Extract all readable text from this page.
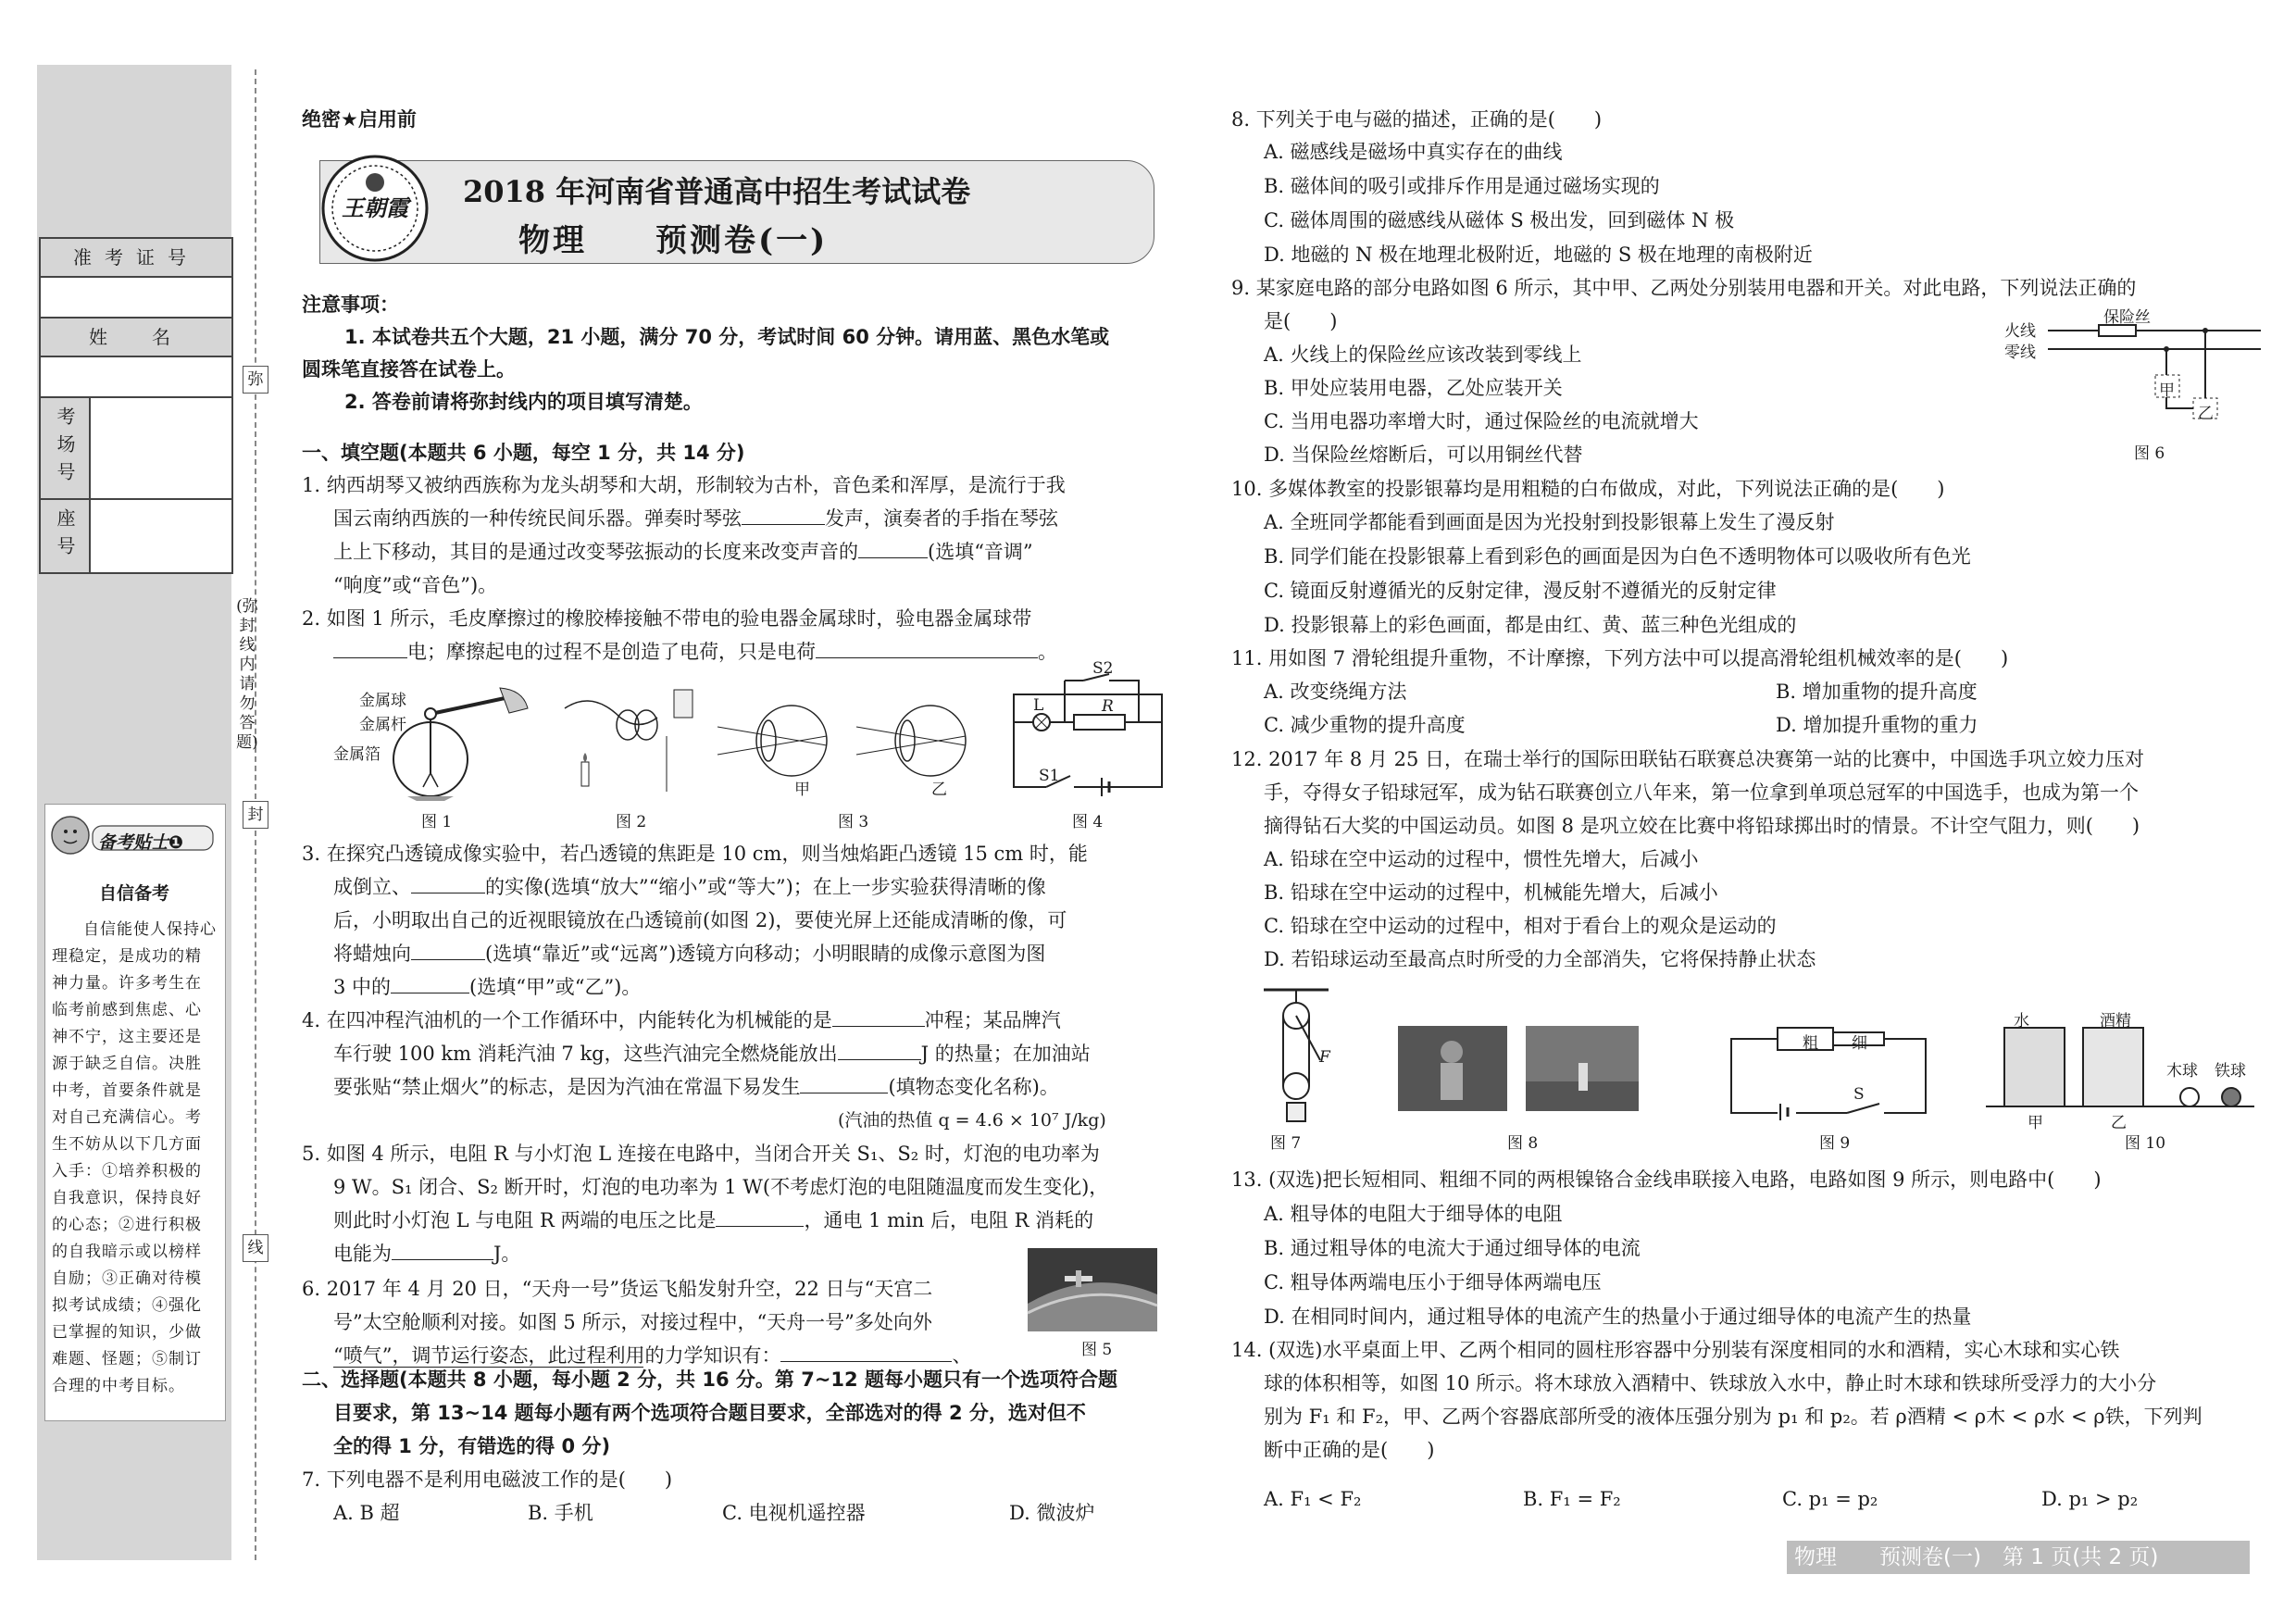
准考证号
姓　名
考场号
座号
弥
封
线
(弥封线内请勿答题)
备考贴士❶
自信备考
自信能使人保持心理稳定，是成功的精神力量。许多考生在临考前感到焦虑、心神不宁，这主要还是源于缺乏自信。决胜中考，首要条件就是对自己充满信心。考生不妨从以下几方面入手：①培养积极的自我意识，保持良好的心态；②进行积极的自我暗示或以榜样自励；③正确对待模拟考试成绩；④强化已掌握的知识，少做难题、怪题；⑤制订合理的中考目标。
绝密★启用前
王朝霞 2018 年河南省普通高中招生考试试卷
物理　　预测卷(一)
注意事项：
1. 本试卷共五个大题，21 小题，满分 70 分，考试时间 60 分钟。请用蓝、黑色水笔或
圆珠笔直接答在试卷上。
2. 答卷前请将弥封线内的项目填写清楚。
一、填空题(本题共 6 小题，每空 1 分，共 14 分)
1. 纳西胡琴又被纳西族称为龙头胡琴和大胡，形制较为古朴，音色柔和浑厚，是流行于我
国云南纳西族的一种传统民间乐器。弹奏时琴弦	发声，演奏者的手指在琴弦
上上下移动，其目的是通过改变琴弦振动的长度来改变声音的	(选填“音调”
“响度”或“音色”)。
2. 如图 1 所示，毛皮摩擦过的橡胶棒接触不带电的验电器金属球时，验电器金属球带
电；摩擦起电的过程不是创造了电荷，只是电荷	。
金属球
金属杆
金属箔
图 1	图 2
甲	乙
图 3
L	R
S2
S1
图 4
3. 在探究凸透镜成像实验中，若凸透镜的焦距是 10 cm，则当烛焰距凸透镜 15 cm 时，能
成倒立、	的实像(选填“放大”“缩小”或“等大”)；在上一步实验获得清晰的像
后，小明取出自己的近视眼镜放在凸透镜前(如图 2)，要使光屏上还能成清晰的像，可
将蜡烛向	(选填“靠近”或“远离”)透镜方向移动；小明眼睛的成像示意图为图
3 中的	(选填“甲”或“乙”)。
4. 在四冲程汽油机的一个工作循环中，内能转化为机械能的是	冲程；某品牌汽
车行驶 100 km 消耗汽油 7 kg，这些汽油完全燃烧能放出	J 的热量；在加油站
要张贴“禁止烟火”的标志，是因为汽油在常温下易发生	(填物态变化名称)。
(汽油的热值 q = 4.6 × 10⁷ J/kg)
5. 如图 4 所示，电阻 R 与小灯泡 L 连接在电路中，当闭合开关 S₁、S₂ 时，灯泡的电功率为
9 W。S₁ 闭合、S₂ 断开时，灯泡的电功率为 1 W(不考虑灯泡的电阻随温度而发生变化)，
则此时小灯泡 L 与电阻 R 两端的电压之比是	，通电 1 min 后，电阻 R 消耗的
电能为	J。
6. 2017 年 4 月 20 日，“天舟一号”货运飞船发射升空，22 日与“天宫二
号”太空舱顺利对接。如图 5 所示，对接过程中，“天舟一号”多处向外
“喷气”，调节运行姿态，此过程利用的力学知识有：	、	图 5
二、选择题(本题共 8 小题，每小题 2 分，共 16 分。第 7~12 题每小题只有一个选项符合题
目要求，第 13~14 题每小题有两个选项符合题目要求，全部选对的得 2 分，选对但不
全的得 1 分，有错选的得 0 分)
7. 下列电器不是利用电磁波工作的是(　　)
A. B 超	B. 手机	C. 电视机遥控器	D. 微波炉
8. 下列关于电与磁的描述，正确的是(　　)
A. 磁感线是磁场中真实存在的曲线
B. 磁体间的吸引或排斥作用是通过磁场实现的
C. 磁体周围的磁感线从磁体 S 极出发，回到磁体 N 极
D. 地磁的 N 极在地理北极附近，地磁的 S 极在地理的南极附近
9. 某家庭电路的部分电路如图 6 所示，其中甲、乙两处分别装用电器和开关。对此电路，下列说法正确的
是(　　)
A. 火线上的保险丝应该改装到零线上
B. 甲处应装用电器，乙处应装开关
C. 当用电器功率增大时，通过保险丝的电流就增大
D. 当保险丝熔断后，可以用铜丝代替
火线
零线
保险丝
甲
乙
图 6
10. 多媒体教室的投影银幕均是用粗糙的白布做成，对此，下列说法正确的是(　　)
A. 全班同学都能看到画面是因为光投射到投影银幕上发生了漫反射
B. 同学们能在投影银幕上看到彩色的画面是因为白色不透明物体可以吸收所有色光
C. 镜面反射遵循光的反射定律，漫反射不遵循光的反射定律
D. 投影银幕上的彩色画面，都是由红、黄、蓝三种色光组成的
11. 用如图 7 滑轮组提升重物，不计摩擦，下列方法中可以提高滑轮组机械效率的是(　　)
A. 改变绕绳方法	B. 增加重物的提升高度
C. 减少重物的提升高度	D. 增加提升重物的重力
12. 2017 年 8 月 25 日，在瑞士举行的国际田联钻石联赛总决赛第一站的比赛中，中国选手巩立姣力压对
手，夺得女子铅球冠军，成为钻石联赛创立八年来，第一位拿到单项总冠军的中国选手，也成为第一个
摘得钻石大奖的中国运动员。如图 8 是巩立姣在比赛中将铅球掷出时的情景。不计空气阻力，则(　　)
A. 铅球在空中运动的过程中，惯性先增大，后减小
B. 铅球在空中运动的过程中，机械能先增大，后减小
C. 铅球在空中运动的过程中，相对于看台上的观众是运动的
D. 若铅球运动至最高点时所受的力全部消失，它将保持静止状态
F
图 7	图 8
粗 细
S
图 9
水	酒精
木球 铁球
甲	乙
图 10
13. (双选)把长短相同、粗细不同的两根镍铬合金线串联接入电路，电路如图 9 所示，则电路中(　　)
A. 粗导体的电阻大于细导体的电阻
B. 通过粗导体的电流大于通过细导体的电流
C. 粗导体两端电压小于细导体两端电压
D. 在相同时间内，通过粗导体的电流产生的热量小于通过细导体的电流产生的热量
14. (双选)水平桌面上甲、乙两个相同的圆柱形容器中分别装有深度相同的水和酒精，实心木球和实心铁
球的体积相等，如图 10 所示。将木球放入酒精中、铁球放入水中，静止时木球和铁球所受浮力的大小分
别为 F₁ 和 F₂，甲、乙两个容器底部所受的液体压强分别为 p₁ 和 p₂。若 ρ酒精 < ρ木 < ρ水 < ρ铁，下列判
断中正确的是(　　)
A. F₁ < F₂	B. F₁ = F₂	C. p₁ = p₂	D. p₁ > p₂
物理　　预测卷(一)　第 1 页(共 2 页)
